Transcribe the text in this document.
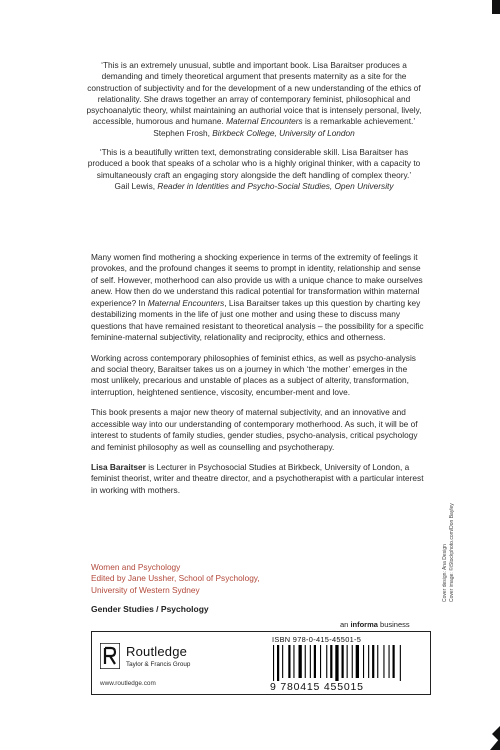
‘This is an extremely unusual, subtle and important book. Lisa Baraitser produces a demanding and timely theoretical argument that presents maternity as a site for the construction of subjectivity and for the development of a new understanding of the ethics of relationality. She draws together an array of contemporary feminist, philosophical and psychoanalytic theory, whilst maintaining an authorial voice that is intensely personal, lively, accessible, humorous and humane. Maternal Encounters is a remarkable achievement.’
Stephen Frosh, Birkbeck College, University of London

‘This is a beautifully written text, demonstrating considerable skill. Lisa Baraitser has produced a book that speaks of a scholar who is a highly original thinker, with a capacity to simultaneously craft an engaging story alongside the deft handling of complex theory.’
Gail Lewis, Reader in Identities and Psycho-Social Studies, Open University

Many women find mothering a shocking experience in terms of the extremity of feelings it provokes, and the profound changes it seems to prompt in identity, relationship and sense of self. However, motherhood can also provide us with a unique chance to make ourselves anew. How then do we understand this radical potential for transformation within maternal experience? In Maternal Encounters, Lisa Baraitser takes up this question by charting key destabilizing moments in the life of just one mother and using these to discuss many questions that have remained resistant to theoretical analysis – the possibility for a specific feminine-maternal subjectivity, relationality and reciprocity, ethics and otherness.

Working across contemporary philosophies of feminist ethics, as well as psycho-analysis and social theory, Baraitser takes us on a journey in which ‘the mother’ emerges in the most unlikely, precarious and unstable of places as a subject of alterity, transformation, interruption, heightened sentience, viscosity, encumber-ment and love.

This book presents a major new theory of maternal subjectivity, and an innovative and accessible way into our understanding of contemporary motherhood. As such, it will be of interest to students of family studies, gender studies, psycho-analysis, critical psychology and feminist philosophy as well as counselling and psychotherapy.

Lisa Baraitser is Lecturer in Psychosocial Studies at Birkbeck, University of London, a feminist theorist, writer and theatre director, and a psychotherapist with a particular interest in working with mothers.

Women and Psychology
Edited by Jane Ussher, School of Psychology,
University of Western Sydney
Gender Studies / Psychology
an informa business
Routledge
Taylor & Francis Group
www.routledge.com
ISBN 978-0-415-45501-5
9 780415 455015
Cover design: Ana Design Cover image: ©iStockphoto.com/Don Bayley
